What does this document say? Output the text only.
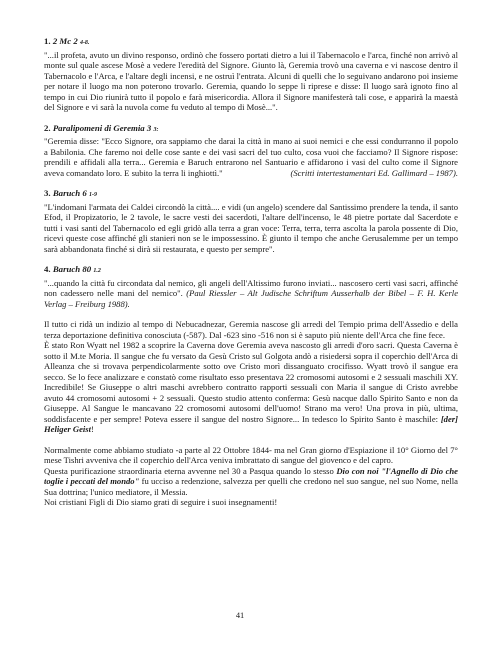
1. 2 Mc 2 4-8.

"...il profeta, avuto un divino responso, ordinò che fossero portati dietro a lui il Tabernacolo e l'arca, finché non arrivò al monte sul quale ascese Mosè a vedere l'eredità del Signore. Giunto là, Geremia trovò una caverna e vi nascose dentro il Tabernacolo e l'Arca, e l'altare degli incensi, e ne ostruì l'entrata. Alcuni di quelli che lo seguivano andarono poi insieme per notare il luogo ma non poterono trovarlo. Geremia, quando lo seppe li riprese e disse: Il luogo sarà ignoto fino al tempo in cui Dio riunirà tutto il popolo e farà misericordia. Allora il Signore manifesterà tali cose, e apparirà la maestà del Signore e vi sarà la nuvola come fu veduto al tempo di Mosè...".

2. Paralipomeni di Geremia 3 3:

"Geremia disse: "Ecco Signore, ora sappiamo che darai la città in mano ai suoi nemici e che essi condurranno il popolo a Babilonia. Che faremo noi delle cose sante e dei vasi sacri del tuo culto, cosa vuoi che facciamo? Il Signore rispose: prendili e affidali alla terra... Geremia e Baruch entrarono nel Santuario e affidarono i vasi del culto come il Signore aveva comandato loro. E subito la terra li inghiottì."	(Scritti intertestamentari Ed. Gallimard – 1987).

3. Baruch 6 1-9

"L'indomani l'armata dei Caldei circondò la città.... e vidi (un angelo) scendere dal Santissimo prendere la tenda, il santo Efod, il Propizatorio, le 2 tavole, le sacre vesti dei sacerdoti, l'altare dell'incenso, le 48 pietre portate dal Sacerdote e tutti i vasi santi del Tabernacolo ed egli gridò alla terra a gran voce: Terra, terra, terra ascolta la parola possente di Dio, ricevi queste cose affinché gli stanieri non se le impossessino. È giunto il tempo che anche Gerusalemme per un tempo sarà abbandonata finché si dirà sii restaurata, e questo per sempre".

4. Baruch 80 1.2

"...quando la città fu circondata dal nemico, gli angeli dell'Altissimo furono inviati... nascosero certi vasi sacri, affinché non cadessero nelle mani del nemico". (Paul Riessler – Alt Judische Schriftum Ausserhalb der Bibel – F. H. Kerle Verlag – Freiburg 1988).

Il tutto ci ridà un indizio al tempo di Nebucadnezar, Geremia nascose gli arredi del Tempio prima dell'Assedio e della terza deportazione definitiva conosciuta (-587). Dal -623 sino -516 non si è saputo più niente dell'Arca che fine fece.

È stato Ron Wyatt nel 1982 a scoprire la Caverna dove Geremia aveva nascosto gli arredi d'oro sacri. Questa Caverna è sotto il M.te Moria. Il sangue che fu versato da Gesù Cristo sul Golgota andò a risiedersi sopra il coperchio dell'Arca di Alleanza che si trovava perpendicolarmente sotto ove Cristo morì dissanguato crocifisso. Wyatt trovò il sangue era secco. Se lo fece analizzare e constatò come risultato esso presentava 22 cromosomi autosomi e 2 sessuali maschili XY. Incredibile! Se Giuseppe o altri maschi avrebbero contratto rapporti sessuali con Maria il sangue di Cristo avrebbe avuto 44 cromosomi autosomi + 2 sessuali. Questo studio attento conferma: Gesù nacque dallo Spirito Santo e non da Giuseppe. Al Sangue le mancavano 22 cromosomi autosomi dell'uomo! Strano ma vero! Una prova in più, ultima, soddisfacente e per sempre! Poteva essere il sangue del nostro Signore... In tedesco lo Spirito Santo è maschile: [der] Heliger Geist!

Normalmente come abbiamo studiato -a parte al 22 Ottobre 1844- ma nel Gran giorno d'Espiazione il 10° Giorno del 7° mese Tishri avveniva che il coperchio dell'Arca veniva imbrattato di sangue del giovenco e del capro.

Questa purificazione straordinaria eterna avvenne nel 30 a Pasqua quando lo stesso Dio con noi "l'Agnello di Dio che toglie i peccati del mondo" fu ucciso a redenzione, salvezza per quelli che credono nel suo sangue, nel suo Nome, nella Sua dottrina; l'unico mediatore, il Messia.

Noi cristiani Figli di Dio siamo grati di seguire i suoi insegnamenti!

41
